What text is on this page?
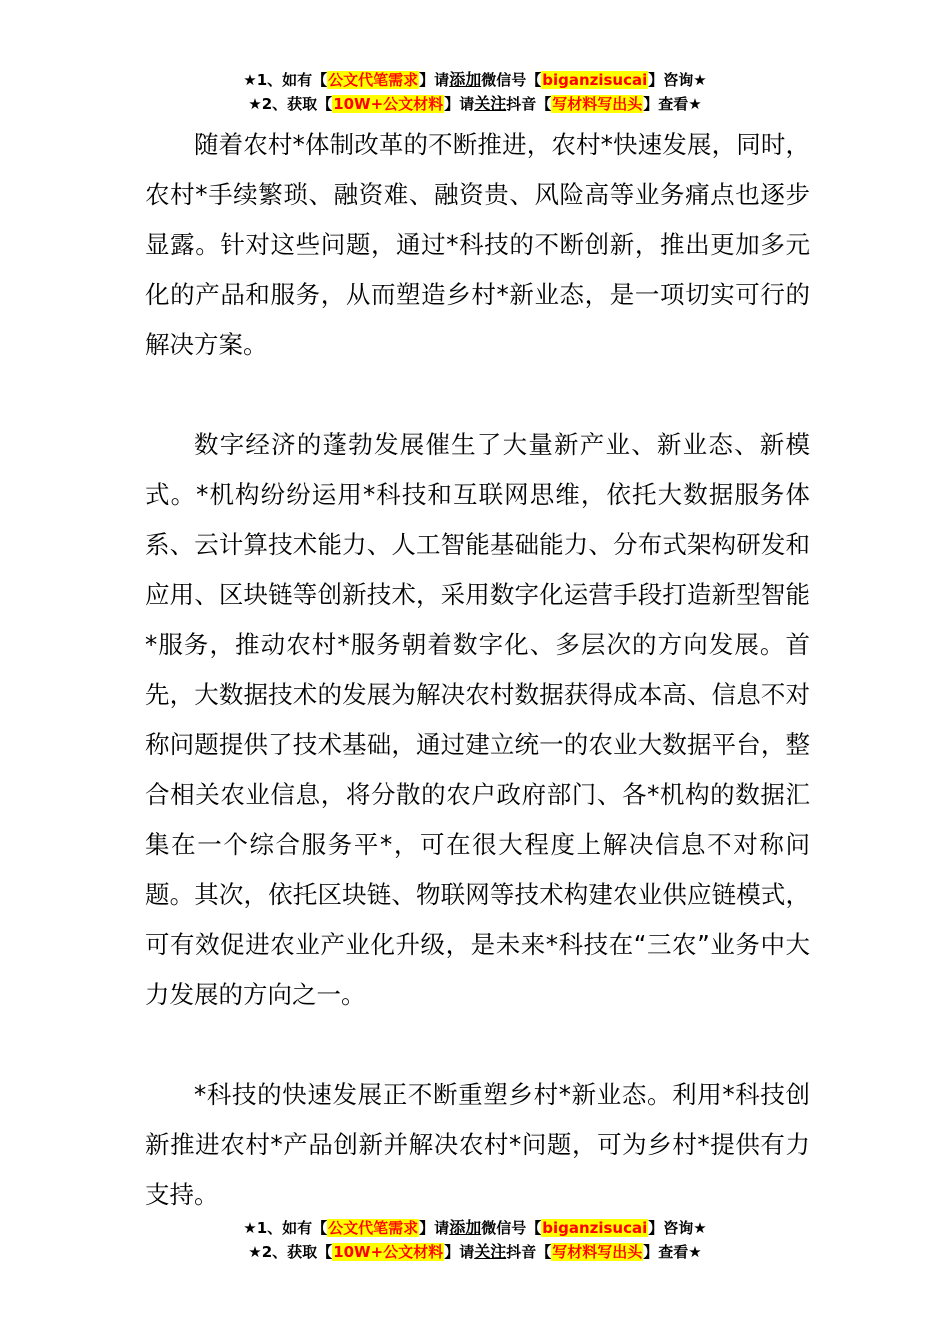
★1、如有【公文代笔需求】请添加微信号【biganzisucai】咨询★
★2、获取【10W+公文材料】请关注抖音【写材料写出头】查看★

随着农村*体制改革的不断推进，农村*快速发展，同时，农村*手续繁琐、融资难、融资贵、风险高等业务痛点也逐步显露。针对这些问题，通过*科技的不断创新，推出更加多元化的产品和服务，从而塑造乡村*新业态，是一项切实可行的解决方案。

数字经济的蓬勃发展催生了大量新产业、新业态、新模式。*机构纷纷运用*科技和互联网思维，依托大数据服务体系、云计算技术能力、人工智能基础能力、分布式架构研发和应用、区块链等创新技术，采用数字化运营手段打造新型智能*服务，推动农村*服务朝着数字化、多层次的方向发展。首先，大数据技术的发展为解决农村数据获得成本高、信息不对称问题提供了技术基础，通过建立统一的农业大数据平台，整合相关农业信息，将分散的农户政府部门、各*机构的数据汇集在一个综合服务平*，可在很大程度上解决信息不对称问题。其次，依托区块链、物联网等技术构建农业供应链模式，可有效促进农业产业化升级，是未来*科技在“三农”业务中大力发展的方向之一。

*科技的快速发展正不断重塑乡村*新业态。利用*科技创新推进农村*产品创新并解决农村*问题，可为乡村*提供有力支持。

★1、如有【公文代笔需求】请添加微信号【biganzisucai】咨询★
★2、获取【10W+公文材料】请关注抖音【写材料写出头】查看★
